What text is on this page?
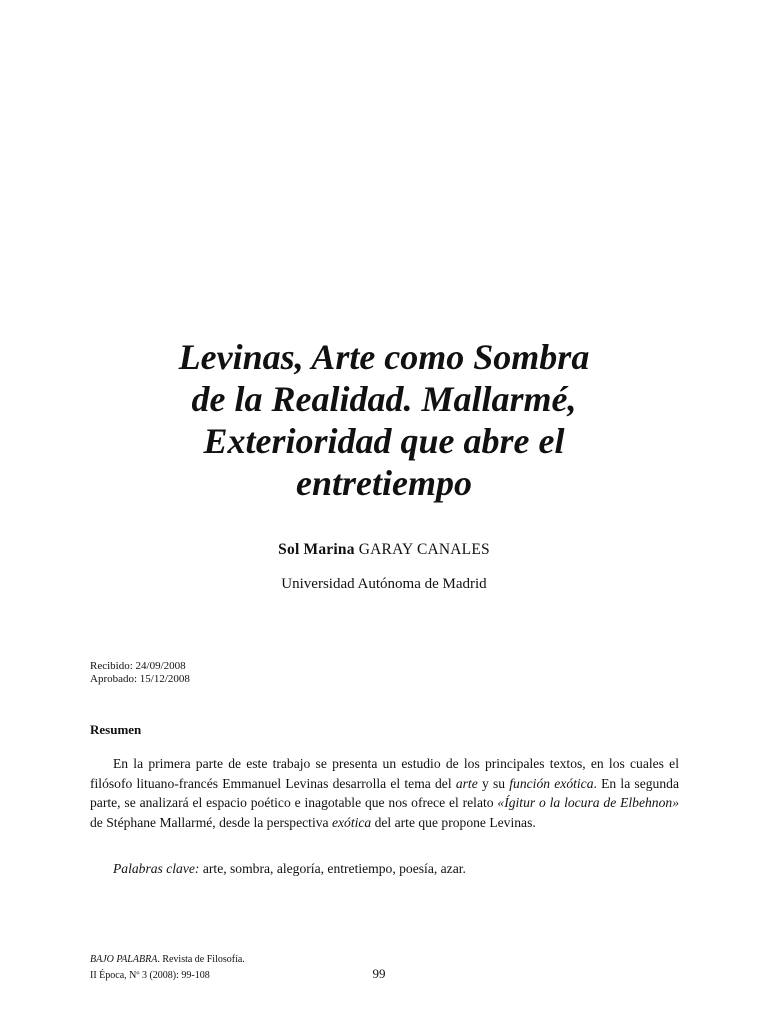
Levinas, Arte como Sombra
de la Realidad. Mallarmé,
Exterioridad que abre el
entretiempo
Sol Marina GARAY CANALES
Universidad Autónoma de Madrid
Recibido: 24/09/2008
Aprobado: 15/12/2008
Resumen

En la primera parte de este trabajo se presenta un estudio de los principales textos, en los cuales el filósofo lituano-francés Emmanuel Levinas desarrolla el tema del arte y su función exótica. En la segunda parte, se analizará el espacio poético e inagotable que nos ofrece el relato «Ígitur o la locura de Elbehnon» de Stéphane Mallarmé, desde la perspectiva exótica del arte que propone Levinas.

Palabras clave: arte, sombra, alegoría, entretiempo, poesía, azar.
BAJO PALABRA. Revista de Filosofía.
II Época, Nº 3 (2008): 99-108	99
